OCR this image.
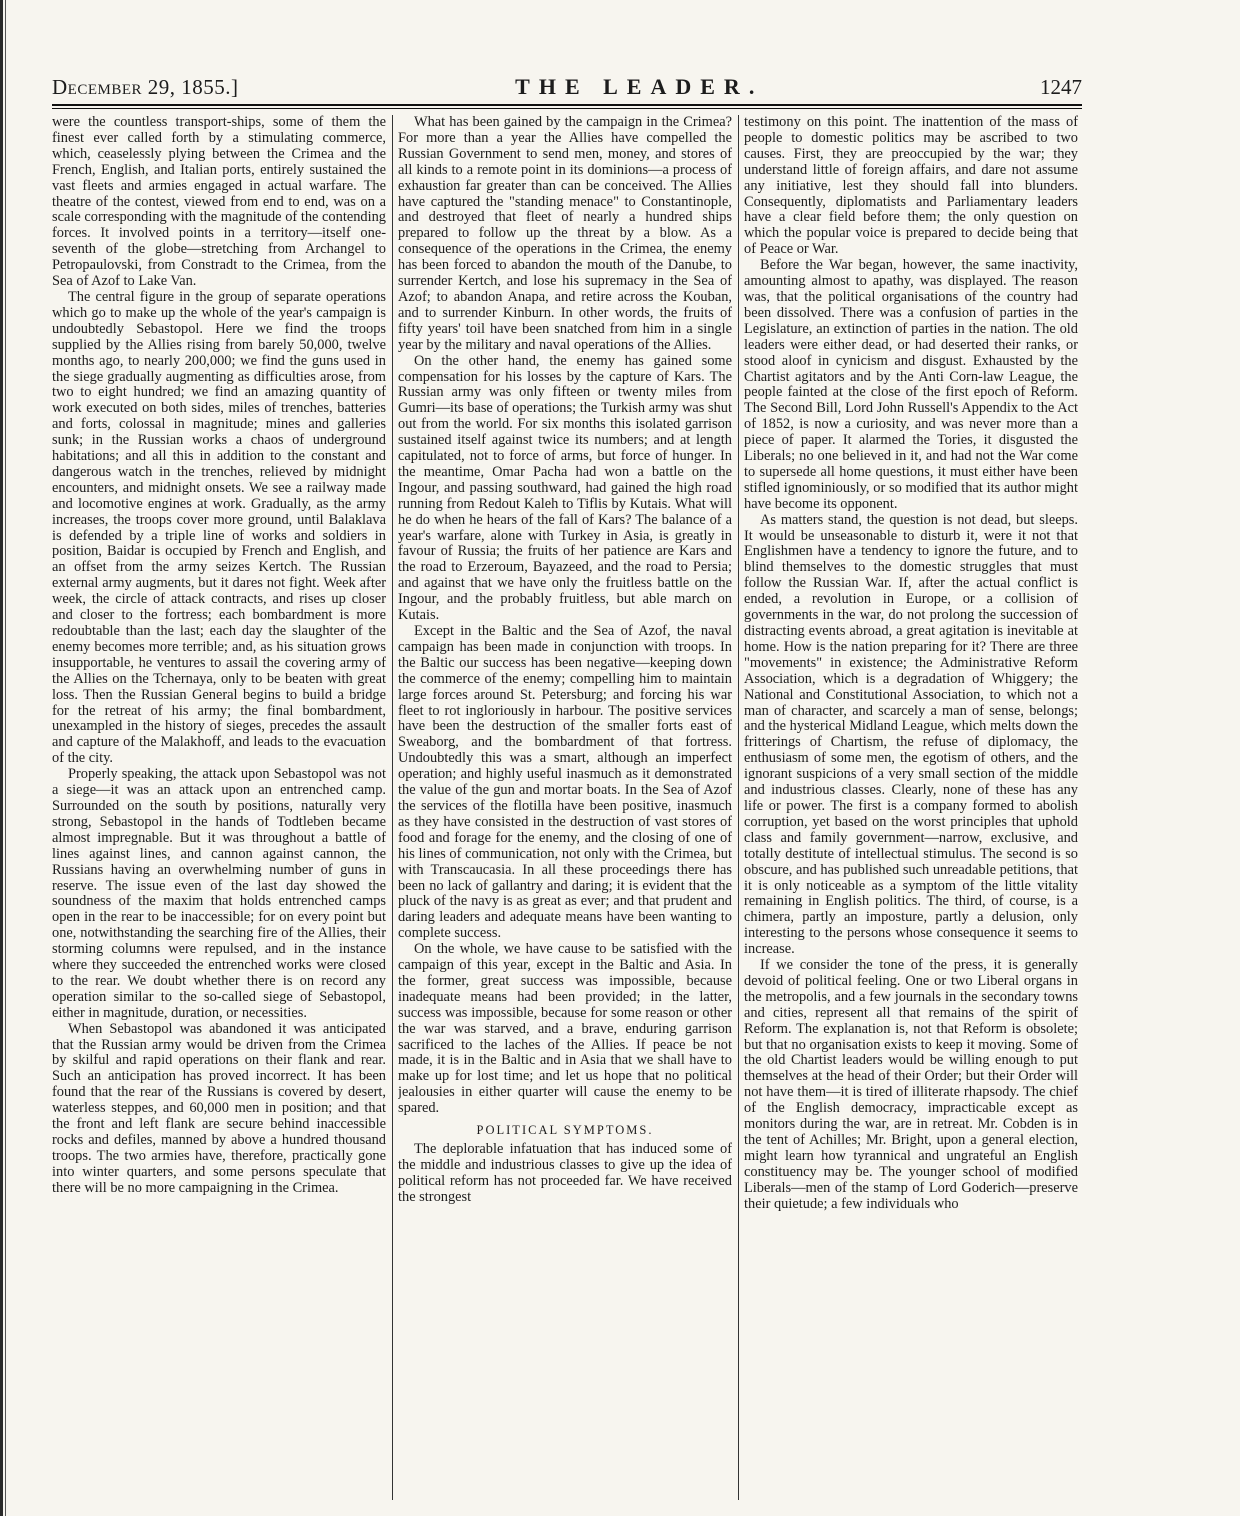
December 29, 1855.]	THE LEADER.	1247

were the countless transport-ships, some of them the finest ever called forth by a stimulating commerce, which, ceaselessly plying between the Crimea and the French, English, and Italian ports, entirely sustained the vast fleets and armies engaged in actual warfare. The theatre of the contest, viewed from end to end, was on a scale corresponding with the magnitude of the contending forces. It involved points in a territory—itself one-seventh of the globe—stretching from Archangel to Petropaulovski, from Constradt to the Crimea, from the Sea of Azof to Lake Van.

The central figure in the group of separate operations which go to make up the whole of the year's campaign is undoubtedly Sebastopol. Here we find the troops supplied by the Allies rising from barely 50,000, twelve months ago, to nearly 200,000; we find the guns used in the siege gradually augmenting as difficulties arose, from two to eight hundred; we find an amazing quantity of work executed on both sides, miles of trenches, batteries and forts, colossal in magnitude; mines and galleries sunk; in the Russian works a chaos of underground habitations; and all this in addition to the constant and dangerous watch in the trenches, relieved by midnight encounters, and midnight onsets. We see a railway made and locomotive engines at work. Gradually, as the army increases, the troops cover more ground, until Balaklava is defended by a triple line of works and soldiers in position, Baidar is occupied by French and English, and an offset from the army seizes Kertch. The Russian external army augments, but it dares not fight. Week after week, the circle of attack contracts, and rises up closer and closer to the fortress; each bombardment is more redoubtable than the last; each day the slaughter of the enemy becomes more terrible; and, as his situation grows insupportable, he ventures to assail the covering army of the Allies on the Tchernaya, only to be beaten with great loss. Then the Russian General begins to build a bridge for the retreat of his army; the final bombardment, unexampled in the history of sieges, precedes the assault and capture of the Malakhoff, and leads to the evacuation of the city.

Properly speaking, the attack upon Sebastopol was not a siege—it was an attack upon an entrenched camp. Surrounded on the south by positions, naturally very strong, Sebastopol in the hands of Todtleben became almost impregnable. But it was throughout a battle of lines against lines, and cannon against cannon, the Russians having an overwhelming number of guns in reserve. The issue even of the last day showed the soundness of the maxim that holds entrenched camps open in the rear to be inaccessible; for on every point but one, notwithstanding the searching fire of the Allies, their storming columns were repulsed, and in the instance where they succeeded the entrenched works were closed to the rear. We doubt whether there is on record any operation similar to the so-called siege of Sebastopol, either in magnitude, duration, or necessities.

When Sebastopol was abandoned it was anticipated that the Russian army would be driven from the Crimea by skilful and rapid operations on their flank and rear. Such an anticipation has proved incorrect. It has been found that the rear of the Russians is covered by desert, waterless steppes, and 60,000 men in position; and that the front and left flank are secure behind inaccessible rocks and defiles, manned by above a hundred thousand troops. The two armies have, therefore, practically gone into winter quarters, and some persons speculate that there will be no more campaigning in the Crimea.

What has been gained by the campaign in the Crimea? For more than a year the Allies have compelled the Russian Government to send men, money, and stores of all kinds to a remote point in its dominions—a process of exhaustion far greater than can be conceived. The Allies have captured the "standing menace" to Constantinople, and destroyed that fleet of nearly a hundred ships prepared to follow up the threat by a blow. As a consequence of the operations in the Crimea, the enemy has been forced to abandon the mouth of the Danube, to surrender Kertch, and lose his supremacy in the Sea of Azof; to abandon Anapa, and retire across the Kouban, and to surrender Kinburn. In other words, the fruits of fifty years' toil have been snatched from him in a single year by the military and naval operations of the Allies.

On the other hand, the enemy has gained some compensation for his losses by the capture of Kars. The Russian army was only fifteen or twenty miles from Gumri—its base of operations; the Turkish army was shut out from the world. For six months this isolated garrison sustained itself against twice its numbers; and at length capitulated, not to force of arms, but force of hunger. In the meantime, Omar Pacha had won a battle on the Ingour, and passing southward, had gained the high road running from Redout Kaleh to Tiflis by Kutais. What will he do when he hears of the fall of Kars? The balance of a year's warfare, alone with Turkey in Asia, is greatly in favour of Russia; the fruits of her patience are Kars and the road to Erzeroum, Bayazeed, and the road to Persia; and against that we have only the fruitless battle on the Ingour, and the probably fruitless, but able march on Kutais.

Except in the Baltic and the Sea of Azof, the naval campaign has been made in conjunction with troops. In the Baltic our success has been negative—keeping down the commerce of the enemy; compelling him to maintain large forces around St. Petersburg; and forcing his war fleet to rot ingloriously in harbour. The positive services have been the destruction of the smaller forts east of Sweaborg, and the bombardment of that fortress. Undoubtedly this was a smart, although an imperfect operation; and highly useful inasmuch as it demonstrated the value of the gun and mortar boats. In the Sea of Azof the services of the flotilla have been positive, inasmuch as they have consisted in the destruction of vast stores of food and forage for the enemy, and the closing of one of his lines of communication, not only with the Crimea, but with Transcaucasia. In all these proceedings there has been no lack of gallantry and daring; it is evident that the pluck of the navy is as great as ever; and that prudent and daring leaders and adequate means have been wanting to complete success.

On the whole, we have cause to be satisfied with the campaign of this year, except in the Baltic and Asia. In the former, great success was impossible, because inadequate means had been provided; in the latter, success was impossible, because for some reason or other the war was starved, and a brave, enduring garrison sacrificed to the laches of the Allies. If peace be not made, it is in the Baltic and in Asia that we shall have to make up for lost time; and let us hope that no political jealousies in either quarter will cause the enemy to be spared.

POLITICAL SYMPTOMS.

The deplorable infatuation that has induced some of the middle and industrious classes to give up the idea of political reform has not proceeded far. We have received the strongest

testimony on this point. The inattention of the mass of people to domestic politics may be ascribed to two causes. First, they are preoccupied by the war; they understand little of foreign affairs, and dare not assume any initiative, lest they should fall into blunders. Consequently, diplomatists and Parliamentary leaders have a clear field before them; the only question on which the popular voice is prepared to decide being that of Peace or War.

Before the War began, however, the same inactivity, amounting almost to apathy, was displayed. The reason was, that the political organisations of the country had been dissolved. There was a confusion of parties in the Legislature, an extinction of parties in the nation. The old leaders were either dead, or had deserted their ranks, or stood aloof in cynicism and disgust. Exhausted by the Chartist agitators and by the Anti Corn-law League, the people fainted at the close of the first epoch of Reform. The Second Bill, Lord John Russell's Appendix to the Act of 1852, is now a curiosity, and was never more than a piece of paper. It alarmed the Tories, it disgusted the Liberals; no one believed in it, and had not the War come to supersede all home questions, it must either have been stifled ignominiously, or so modified that its author might have become its opponent.

As matters stand, the question is not dead, but sleeps. It would be unseasonable to disturb it, were it not that Englishmen have a tendency to ignore the future, and to blind themselves to the domestic struggles that must follow the Russian War. If, after the actual conflict is ended, a revolution in Europe, or a collision of governments in the war, do not prolong the succession of distracting events abroad, a great agitation is inevitable at home. How is the nation preparing for it? There are three "movements" in existence; the Administrative Reform Association, which is a degradation of Whiggery; the National and Constitutional Association, to which not a man of character, and scarcely a man of sense, belongs; and the hysterical Midland League, which melts down the fritterings of Chartism, the refuse of diplomacy, the enthusiasm of some men, the egotism of others, and the ignorant suspicions of a very small section of the middle and industrious classes. Clearly, none of these has any life or power. The first is a company formed to abolish corruption, yet based on the worst principles that uphold class and family government—narrow, exclusive, and totally destitute of intellectual stimulus. The second is so obscure, and has published such unreadable petitions, that it is only noticeable as a symptom of the little vitality remaining in English politics. The third, of course, is a chimera, partly an imposture, partly a delusion, only interesting to the persons whose consequence it seems to increase.

If we consider the tone of the press, it is generally devoid of political feeling. One or two Liberal organs in the metropolis, and a few journals in the secondary towns and cities, represent all that remains of the spirit of Reform. The explanation is, not that Reform is obsolete; but that no organisation exists to keep it moving. Some of the old Chartist leaders would be willing enough to put themselves at the head of their Order; but their Order will not have them—it is tired of illiterate rhapsody. The chief of the English democracy, impracticable except as monitors during the war, are in retreat. Mr. Cobden is in the tent of Achilles; Mr. Bright, upon a general election, might learn how tyrannical and ungrateful an English constituency may be. The younger school of modified Liberals—men of the stamp of Lord Goderich—preserve their quietude; a few individuals who
